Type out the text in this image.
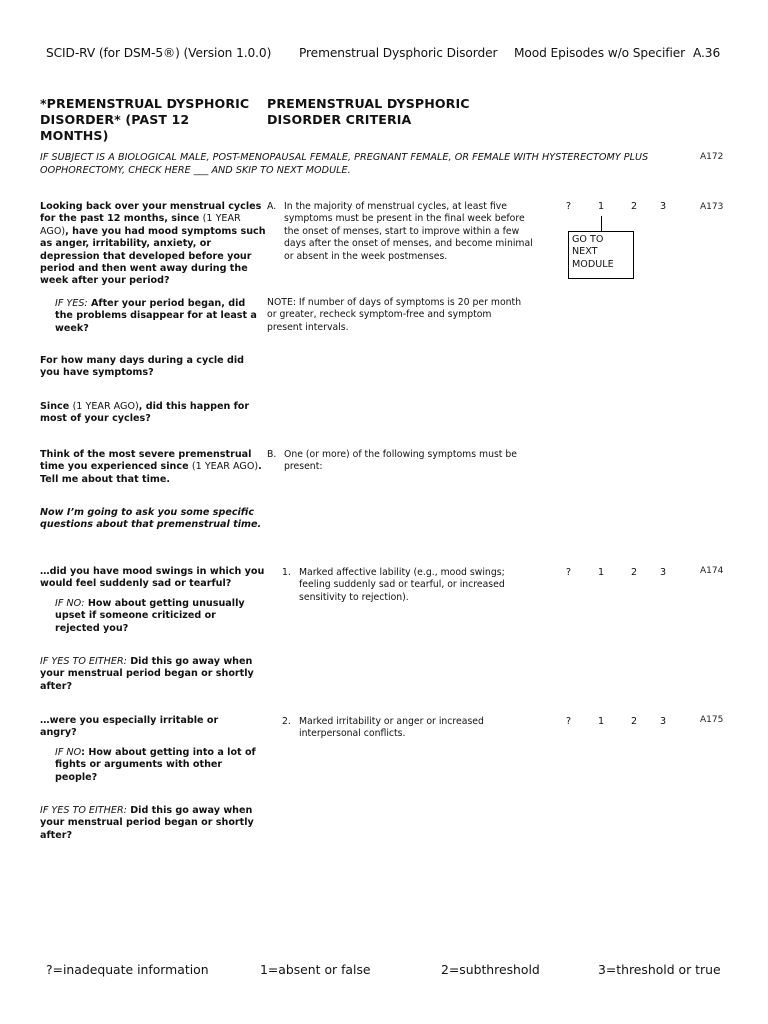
SCID-RV (for DSM-5®) (Version 1.0.0) Premenstrual Dysphoric Disorder Mood Episodes w/o Specifier A.36
*PREMENSTRUAL DYSPHORIC DISORDER* (PAST 12 MONTHS)
PREMENSTRUAL DYSPHORIC DISORDER CRITERIA
IF SUBJECT IS A BIOLOGICAL MALE, POST-MENOPAUSAL FEMALE, PREGNANT FEMALE, OR FEMALE WITH HYSTERECTOMY PLUS OOPHORECTOMY, CHECK HERE ___ AND SKIP TO NEXT MODULE.
A172
Looking back over your menstrual cycles for the past 12 months, since (1 YEAR AGO), have you had mood symptoms such as anger, irritability, anxiety, or depression that developed before your period and then went away during the week after your period?
IF YES: After your period began, did the problems disappear for at least a week?
For how many days during a cycle did you have symptoms?
Since (1 YEAR AGO), did this happen for most of your cycles?
Think of the most severe premenstrual time you experienced since (1 YEAR AGO). Tell me about that time.
Now I’m going to ask you some specific questions about that premenstrual time.
…did you have mood swings in which you would feel suddenly sad or tearful?
IF NO: How about getting unusually upset if someone criticized or rejected you?
IF YES TO EITHER: Did this go away when your menstrual period began or shortly after?
…were you especially irritable or angry?
IF NO: How about getting into a lot of fights or arguments with other people?
IF YES TO EITHER: Did this go away when your menstrual period began or shortly after?
A. In the majority of menstrual cycles, at least five symptoms must be present in the final week before the onset of menses, start to improve within a few days after the onset of menses, and become minimal or absent in the week postmenses.
NOTE: If number of days of symptoms is 20 per month or greater, recheck symptom-free and symptom present intervals.
B. One (or more) of the following symptoms must be present:
1. Marked affective lability (e.g., mood swings; feeling suddenly sad or tearful, or increased sensitivity to rejection).
2. Marked irritability or anger or increased interpersonal conflicts.
?	1	2 3	A173
GO TO NEXT MODULE
?	1	2 3	A174
?	1	2 3	A175
?=inadequate information	1=absent or false	2=subthreshold	3=threshold or true
